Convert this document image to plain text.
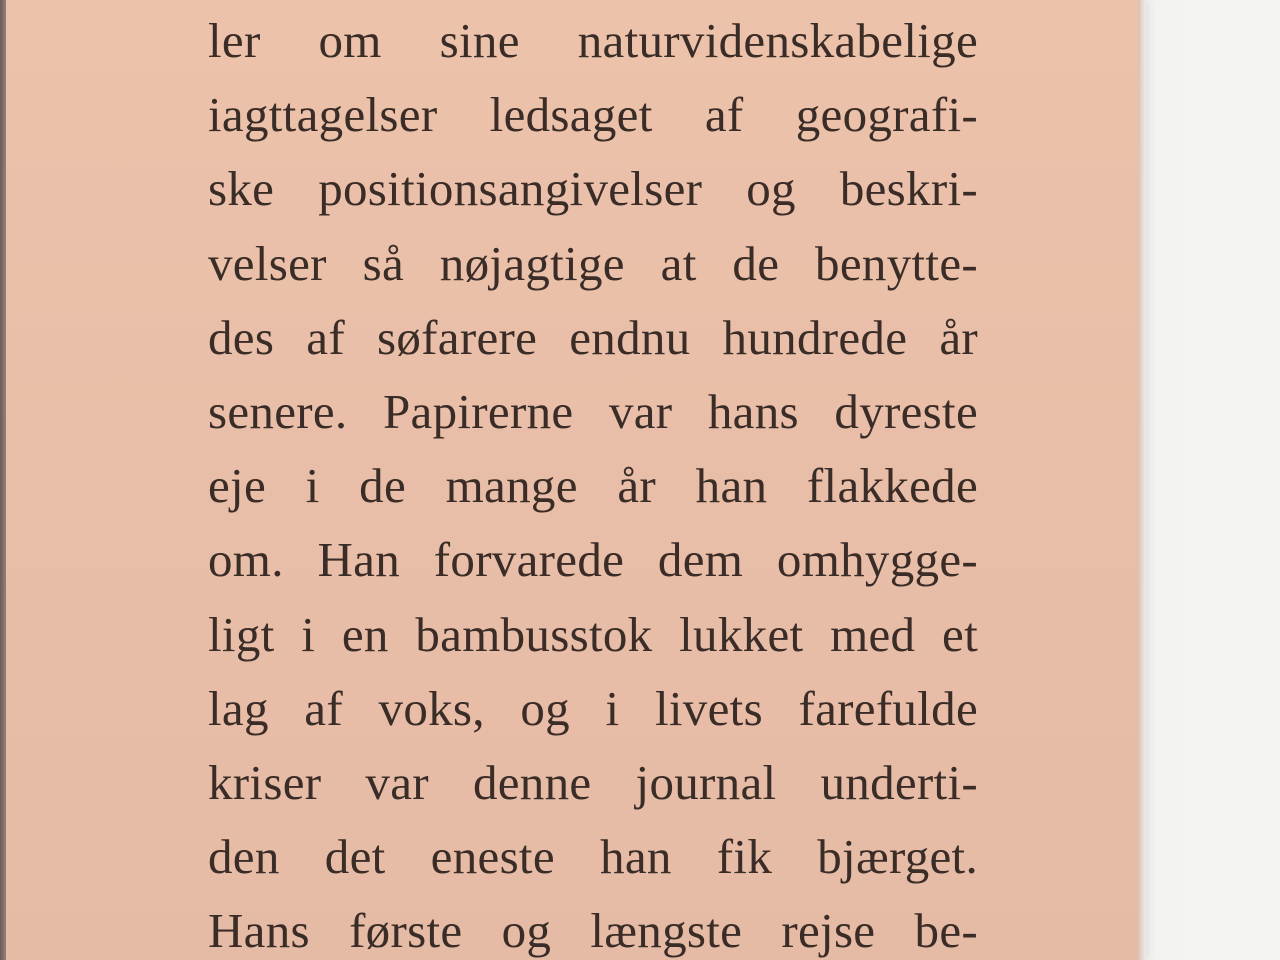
ler om sine naturvidenskabelige
iagttagelser ledsaget af geografi-
ske positionsangivelser og beskri-
velser så nøjagtige at de benytte-
des af søfarere endnu hundrede år
senere. Papirerne var hans dyreste
eje i de mange år han flakkede
om. Han forvarede dem omhygge-
ligt i en bambusstok lukket med et
lag af voks, og i livets farefulde
kriser var denne journal underti-
den det eneste han fik bjærget.
Hans første og længste rejse be-
